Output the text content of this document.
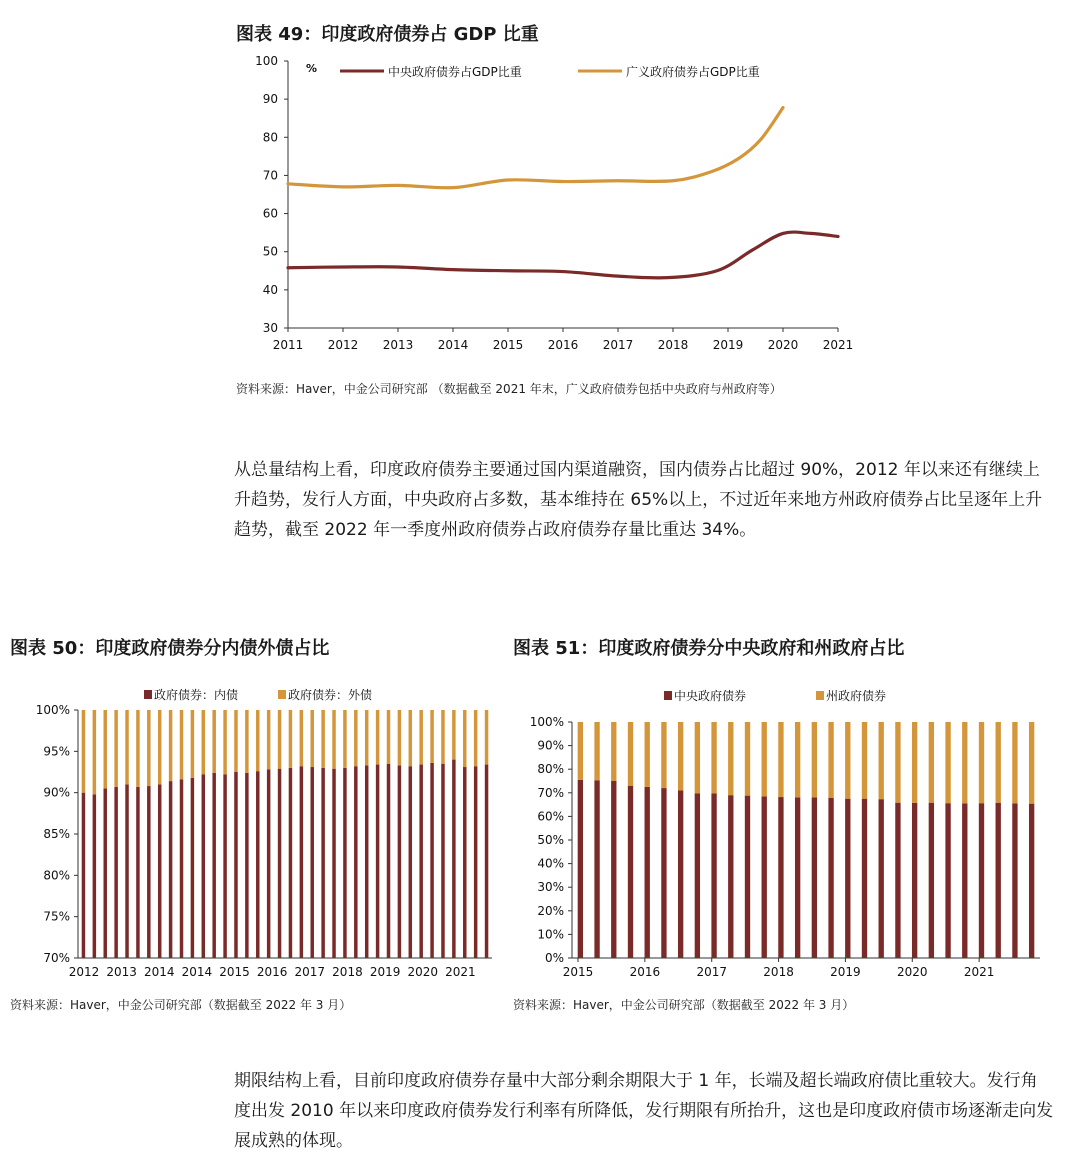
图表 49：印度政府债券占 GDP 比重
30
40
50
60
70
80
90
100
2011 2012 2013 2014 2015 2016 2017 2018 2019 2020 2021
%	中央政府债券占GDP比重	广义政府债券占GDP比重
资料来源：Haver，中金公司研究部 （数据截至 2021 年末，广义政府债券包括中央政府与州政府等）

从总量结构上看，印度政府债券主要通过国内渠道融资，国内债券占比超过 90%，2012 年以来还有继续上升趋势，发行人方面，中央政府占多数，基本维持在 65%以上，不过近年来地方州政府债券占比呈逐年上升趋势，截至 2022 年一季度州政府债券占政府债券存量比重达 34%。

图表 50：印度政府债券分内债外债占比
70%
75%
80%
85%
90%
95%
100%
2012 2013 2014 2014 2015 2016 2017 2018 2019 2020 2021
政府债券：内债	政府债券：外债
资料来源：Haver，中金公司研究部（数据截至 2022 年 3 月）
图表 51：印度政府债券分中央政府和州政府占比
0%
10%
20%
30%
40%
50%
60%
70%
80%
90%
100%
2015	2016	2017	2018	2019	2020	2021
中央政府债券	州政府债券
资料来源：Haver，中金公司研究部（数据截至 2022 年 3 月）

期限结构上看，目前印度政府债券存量中大部分剩余期限大于 1 年，长端及超长端政府债比重较大。发行角度出发 2010 年以来印度政府债券发行利率有所降低，发行期限有所抬升，这也是印度政府债市场逐渐走向发展成熟的体现。
